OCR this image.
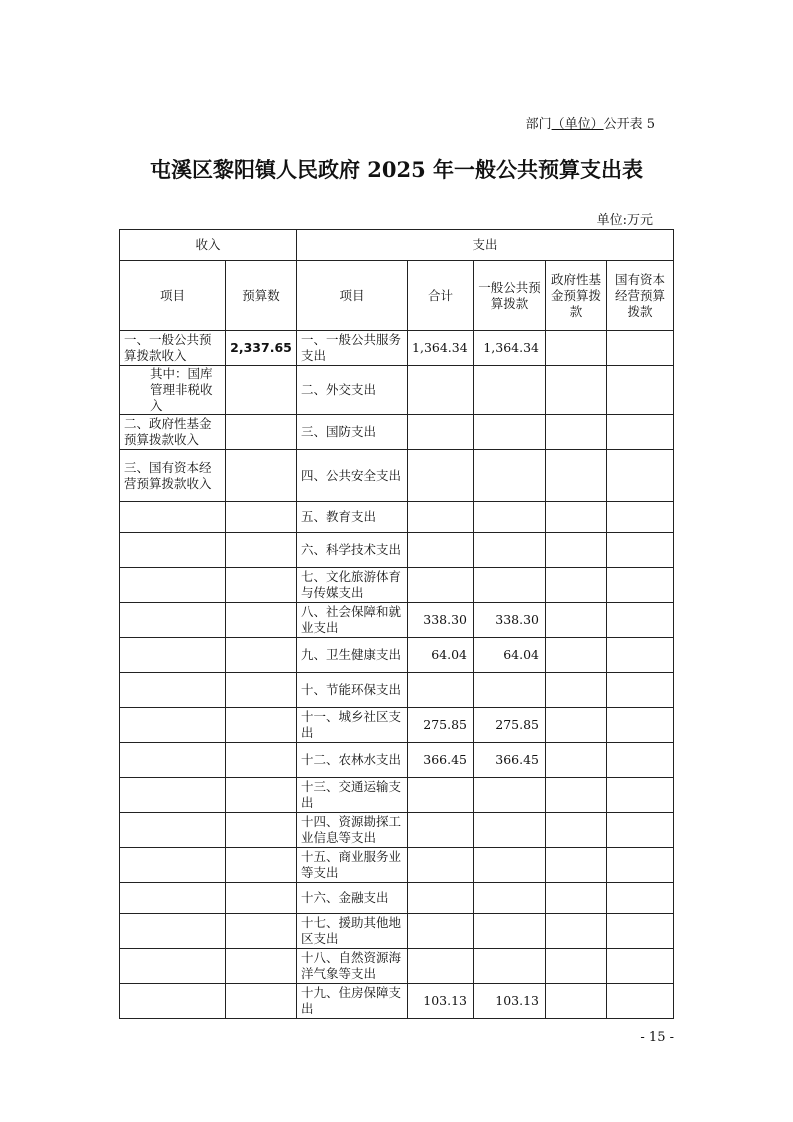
部门（单位）公开表 5
屯溪区黎阳镇人民政府 2025 年一般公共预算支出表
单位:万元
收入		支出				
项目	预算数	项目	合计	一般公共预算拨款	政府性基金预算拨款	国有资本经营预算拨款
一、一般公共预算拨款收入	2,337.65	一、一般公共服务支出	1,364.34	1,364.34		
其中：国库管理非税收入		二、外交支出				
二、政府性基金预算拨款收入		三、国防支出				
三、国有资本经营预算拨款收入		四、公共安全支出				
		五、教育支出				
		六、科学技术支出				
		七、文化旅游体育与传媒支出				
		八、社会保障和就业支出	338.30	338.30		
		九、卫生健康支出	64.04	64.04		
		十、节能环保支出				
		十一、城乡社区支出	275.85	275.85		
		十二、农林水支出	366.45	366.45		
		十三、交通运输支出				
		十四、资源勘探工业信息等支出				
		十五、商业服务业等支出				
		十六、金融支出				
		十七、援助其他地区支出				
		十八、自然资源海洋气象等支出				
		十九、住房保障支出	103.13	103.13		
- 15 -
